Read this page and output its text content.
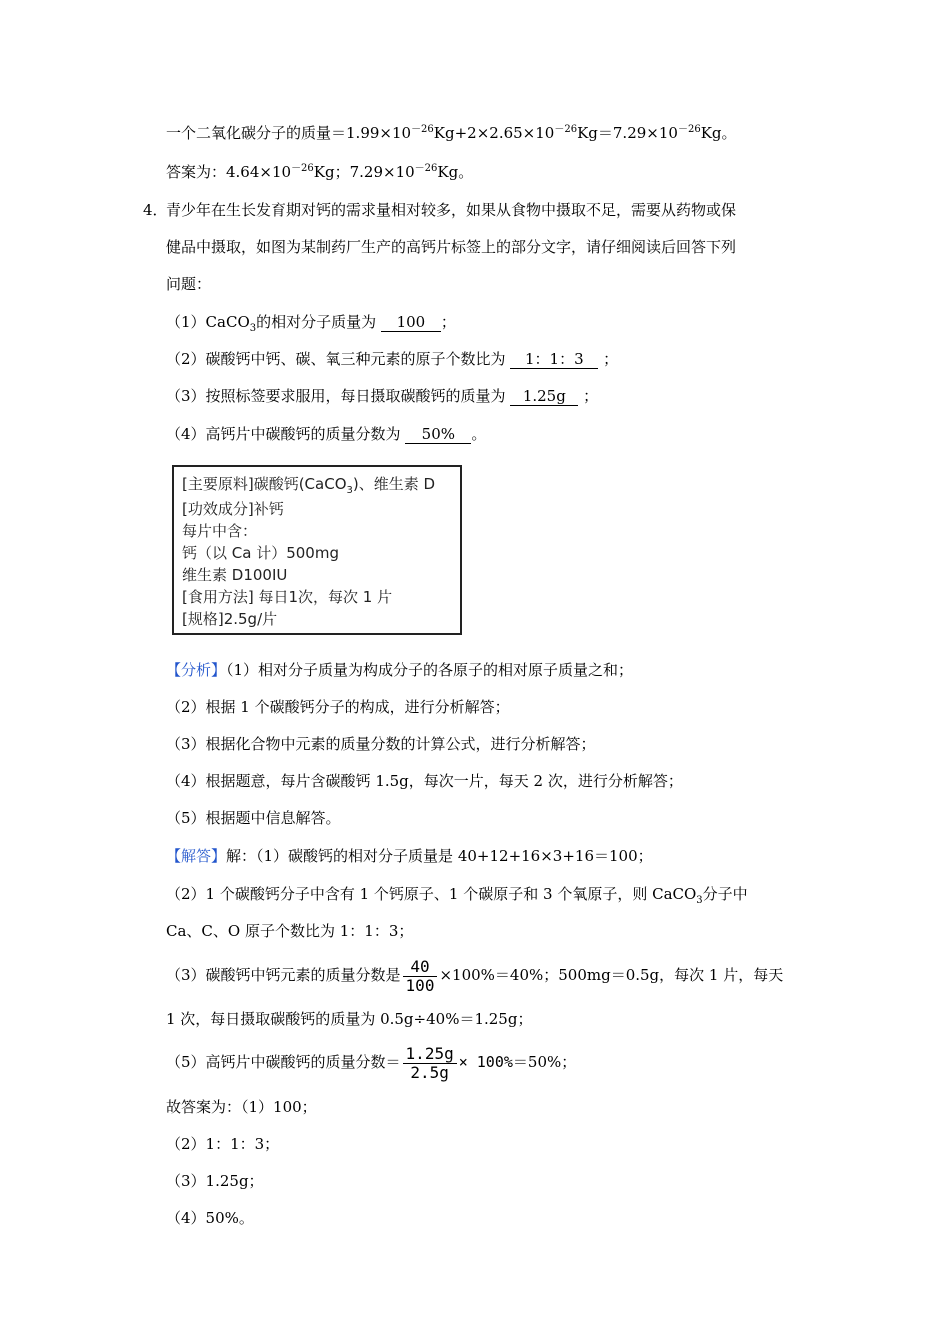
一个二氧化碳分子的质量$=1.99\times 10^{-26}Kg+2\times 2.65\times 10^{-26}Kg=7.29\times 10^{-26}Kg$。
答案为：$4.64\times 10^{-26}Kg$；$7.29\times 10^{-26}Kg$。
4．
青少年在生长发育期对钙的需求量相对较多，如果从食物中摄取不足，需要从药物或保
健品中摄取，如图为某制药厂生产的高钙片标签上的部分文字，请仔细阅读后回答下列
问题：
（1）CaCO$_3$的相对分子质量为 100 ；
（2）碳酸钙中钙、碳、氧三种元素的原子个数比为 1：1：3 ；
（3）按照标签要求服用，每日摄取碳酸钙的质量为 1.25g ；
（4）高钙片中碳酸钙的质量分数为 50% 。
[主要原料]碳酸钙(CaCO$_3$)、维生素 D
[功效成分]补钙
每片中含：
钙（以 Ca 计）500mg
维生素 D100IU
[食用方法] 每日1次，每次 1 片
[规格]2.5g/片
【分析】（1）相对分子质量为构成分子的各原子的相对原子质量之和；
（2）根据 1 个碳酸钙分子的构成，进行分析解答；
（3）根据化合物中元素的质量分数的计算公式，进行分析解答；
（4）根据题意，每片含碳酸钙 1.5g，每次一片，每天 2 次，进行分析解答；
（5）根据题中信息解答。
【解答】解：（1）碳酸钙的相对分子质量是 40+12+16×3+16＝100；
（2）1 个碳酸钙分子中含有 1 个钙原子、1 个碳原子和 3 个氧原子，则 CaCO$_3$分子中
Ca、C、O 原子个数比为 1：1：3；
（3）碳酸钙中钙元素的质量分数是 $\frac{40}{100} \times 100\%=40\%$；500mg＝0.5g，每次 1 片，每天
1 次，每日摄取碳酸钙的质量为 0.5g÷40%＝1.25g；
（5）高钙片中碳酸钙的质量分数＝ $\frac{1.25g}{2.5g} \times 100\%=50\%$；
故答案为：（1）100；
（2）1：1：3；
（3）1.25g；
（4）50%。
